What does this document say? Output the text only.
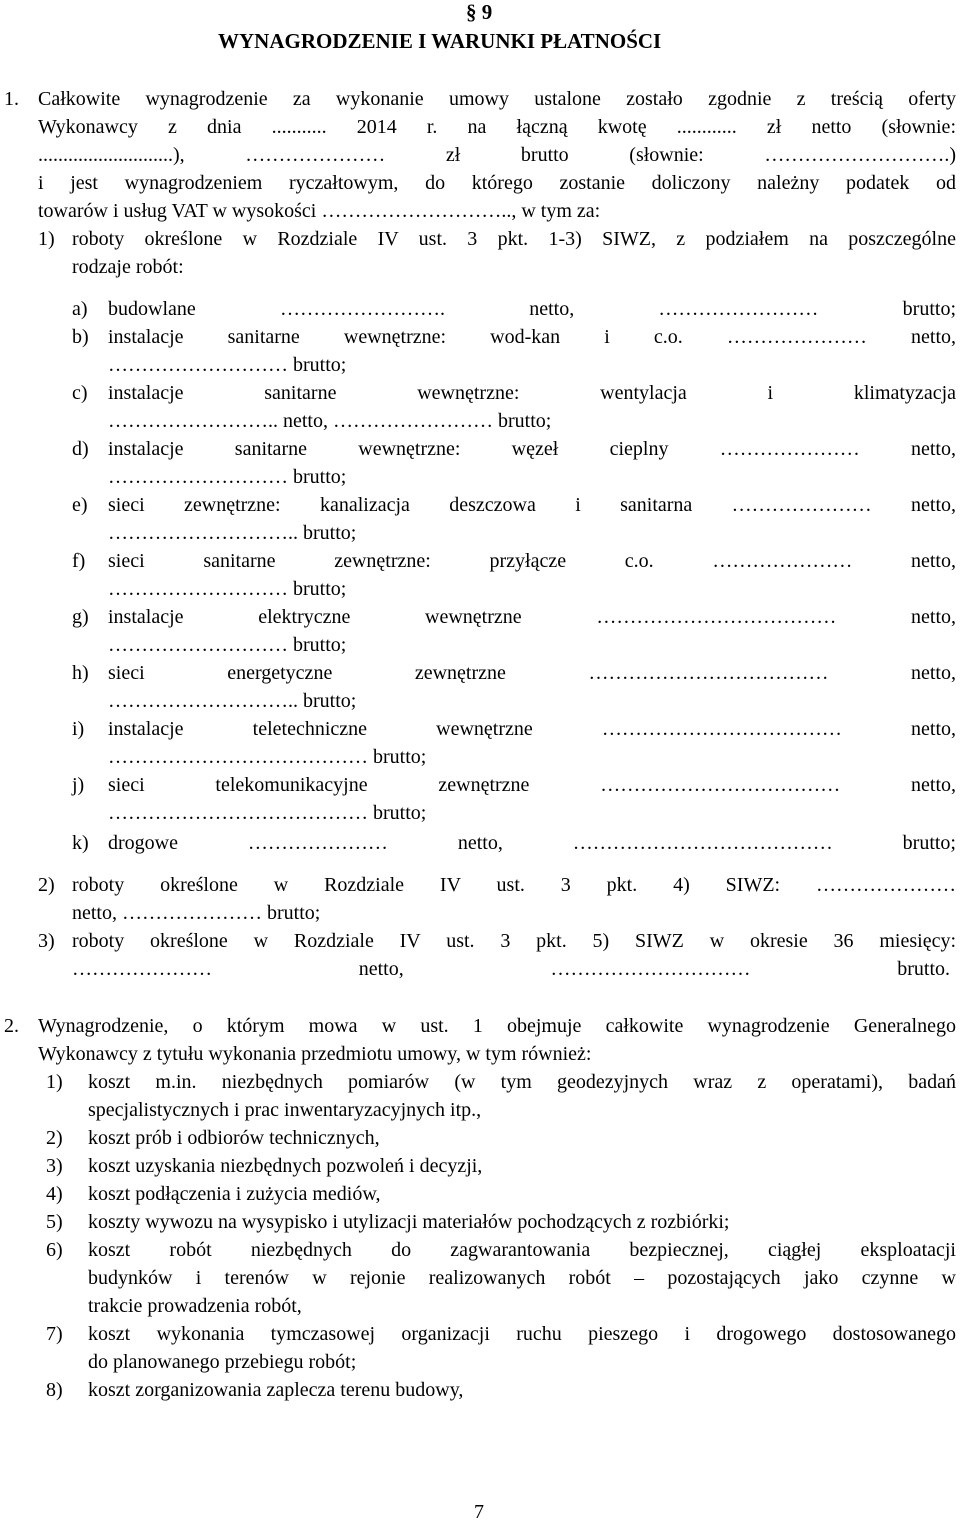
§ 9
WYNAGRODZENIE I WARUNKI PŁATNOŚCI
1. Całkowite wynagrodzenie za wykonanie umowy ustalone zostało zgodnie z treścią oferty
Wykonawcy z dnia ........... 2014 r. na łączną kwotę ............ zł netto (słownie:
...........................), ………………… zł brutto (słownie: ……………………….)
i jest wynagrodzeniem ryczałtowym, do którego zostanie doliczony należny podatek od
towarów i usług VAT w wysokości ……………………….., w tym za:
1) roboty określone w Rozdziale IV ust. 3 pkt. 1-3) SIWZ, z podziałem na poszczególne
rodzaje robót:
a) budowlane ……………………. netto, …………………… brutto;
b) instalacje sanitarne wewnętrzne: wod-kan i c.o. ………………… netto,
……………………… brutto;
c) instalacje sanitarne wewnętrzne: wentylacja i klimatyzacja
…………………….. netto, …………………… brutto;
d) instalacje sanitarne wewnętrzne: węzeł cieplny ………………… netto,
……………………… brutto;
e) sieci zewnętrzne: kanalizacja deszczowa i sanitarna ………………… netto,
……………………….. brutto;
f) sieci sanitarne zewnętrzne: przyłącze c.o. ………………… netto,
……………………… brutto;
g) instalacje elektryczne wewnętrzne ……………………………… netto,
……………………… brutto;
h) sieci energetyczne zewnętrzne ……………………………… netto,
……………………….. brutto;
i) instalacje teletechniczne wewnętrzne ……………………………… netto,
………………………………… brutto;
j) sieci telekomunikacyjne zewnętrzne ……………………………… netto,
………………………………… brutto;
k) drogowe ………………… netto, ………………………………… brutto;
2) roboty określone w Rozdziale IV ust. 3 pkt. 4) SIWZ: …………………
netto, ………………… brutto;
3) roboty określone w Rozdziale IV ust. 3 pkt. 5) SIWZ w okresie 36 miesięcy:
………………… netto, ………………………… brutto.
2. Wynagrodzenie, o którym mowa w ust. 1 obejmuje całkowite wynagrodzenie Generalnego
Wykonawcy z tytułu wykonania przedmiotu umowy, w tym również:
1) koszt m.in. niezbędnych pomiarów (w tym geodezyjnych wraz z operatami), badań
specjalistycznych i prac inwentaryzacyjnych itp.,
2) koszt prób i odbiorów technicznych,
3) koszt uzyskania niezbędnych pozwoleń i decyzji,
4) koszt podłączenia i zużycia mediów,
5) koszty wywozu na wysypisko i utylizacji materiałów pochodzących z rozbiórki;
6) koszt robót niezbędnych do zagwarantowania bezpiecznej, ciągłej eksploatacji
budynków i terenów w rejonie realizowanych robót – pozostających jako czynne w
trakcie prowadzenia robót,
7) koszt wykonania tymczasowej organizacji ruchu pieszego i drogowego dostosowanego
do planowanego przebiegu robót;
8) koszt zorganizowania zaplecza terenu budowy,
7
